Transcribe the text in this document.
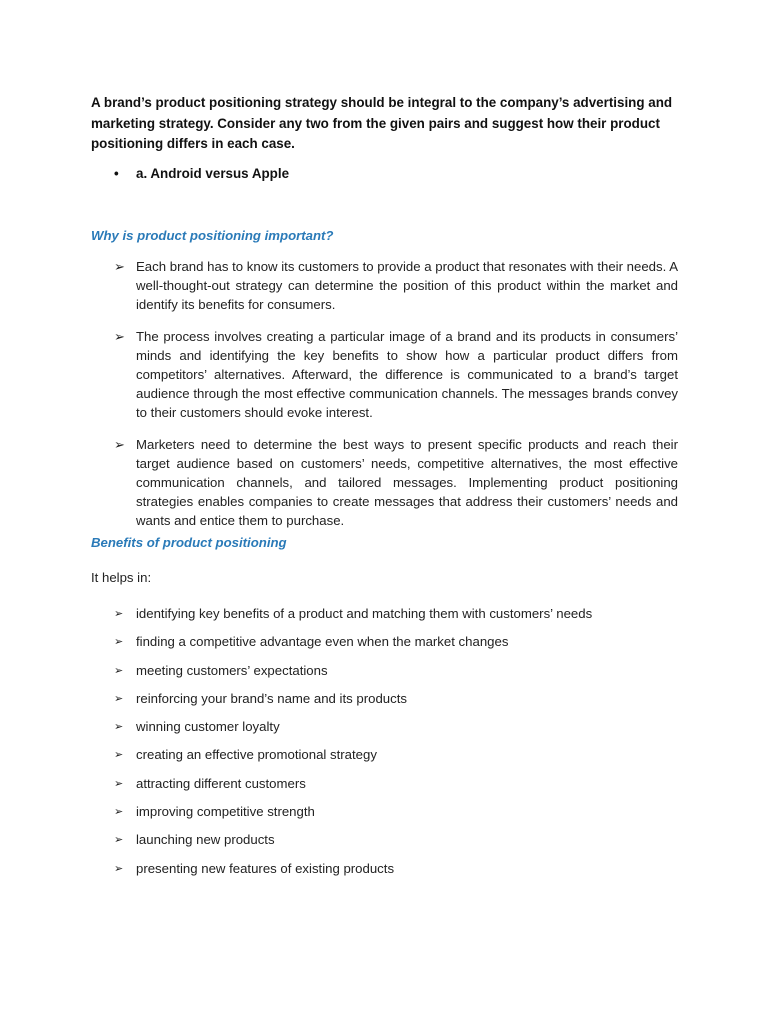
A brand’s product positioning strategy should be integral to the company’s advertising and marketing strategy. Consider any two from the given pairs and suggest how their product positioning differs in each case.

• a. Android versus Apple
Why is product positioning important?
➢ Each brand has to know its customers to provide a product that resonates with their needs. A well-thought-out strategy can determine the position of this product within the market and identify its benefits for consumers.
➢ The process involves creating a particular image of a brand and its products in consumers’ minds and identifying the key benefits to show how a particular product differs from competitors’ alternatives. Afterward, the difference is communicated to a brand’s target audience through the most effective communication channels. The messages brands convey to their customers should evoke interest.
➢ Marketers need to determine the best ways to present specific products and reach their target audience based on customers’ needs, competitive alternatives, the most effective communication channels, and tailored messages. Implementing product positioning strategies enables companies to create messages that address their customers’ needs and wants and entice them to purchase.
Benefits of product positioning

It helps in:

➢ identifying key benefits of a product and matching them with customers’ needs
➢ finding a competitive advantage even when the market changes
➢ meeting customers’ expectations
➢ reinforcing your brand’s name and its products
➢ winning customer loyalty
➢ creating an effective promotional strategy
➢ attracting different customers
➢ improving competitive strength
➢ launching new products
➢ presenting new features of existing products
